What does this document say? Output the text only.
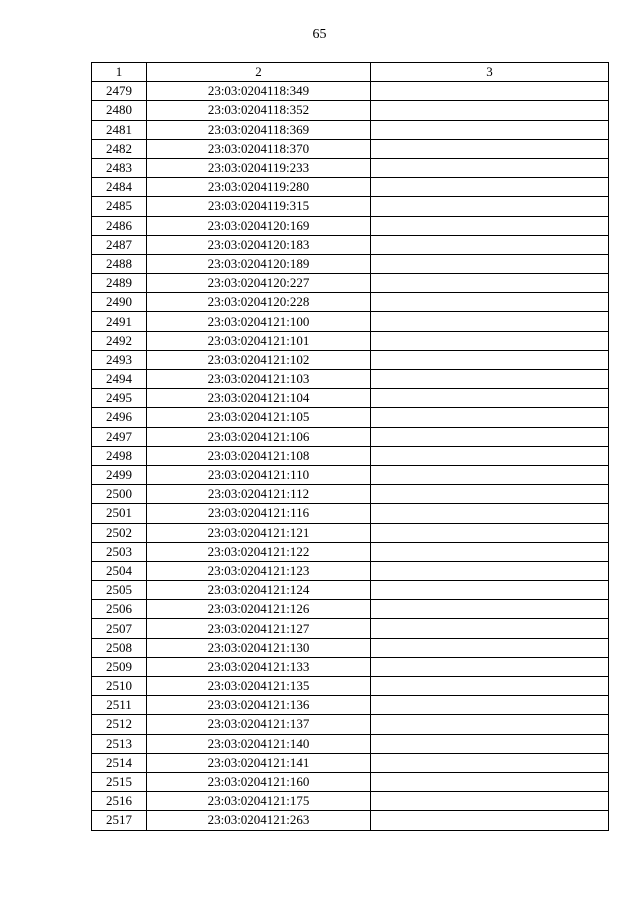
65
1	2	3
2479	23:03:0204118:349	
2480	23:03:0204118:352	
2481	23:03:0204118:369	
2482	23:03:0204118:370	
2483	23:03:0204119:233	
2484	23:03:0204119:280	
2485	23:03:0204119:315	
2486	23:03:0204120:169	
2487	23:03:0204120:183	
2488	23:03:0204120:189	
2489	23:03:0204120:227	
2490	23:03:0204120:228	
2491	23:03:0204121:100	
2492	23:03:0204121:101	
2493	23:03:0204121:102	
2494	23:03:0204121:103	
2495	23:03:0204121:104	
2496	23:03:0204121:105	
2497	23:03:0204121:106	
2498	23:03:0204121:108	
2499	23:03:0204121:110	
2500	23:03:0204121:112	
2501	23:03:0204121:116	
2502	23:03:0204121:121	
2503	23:03:0204121:122	
2504	23:03:0204121:123	
2505	23:03:0204121:124	
2506	23:03:0204121:126	
2507	23:03:0204121:127	
2508	23:03:0204121:130	
2509	23:03:0204121:133	
2510	23:03:0204121:135	
2511	23:03:0204121:136	
2512	23:03:0204121:137	
2513	23:03:0204121:140	
2514	23:03:0204121:141	
2515	23:03:0204121:160	
2516	23:03:0204121:175	
2517	23:03:0204121:263	
